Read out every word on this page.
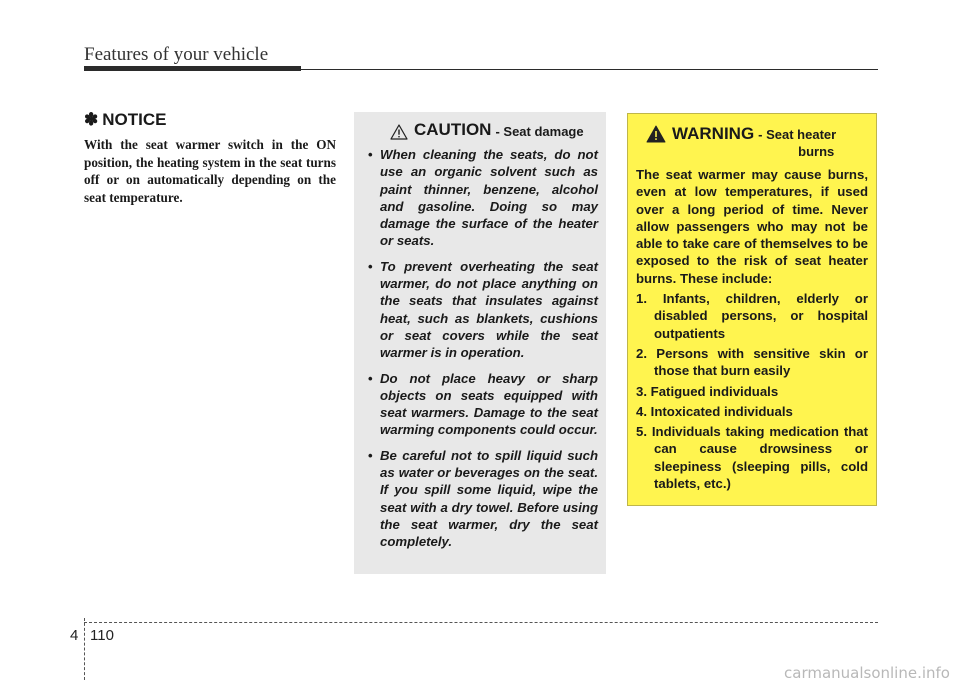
Features of your vehicle
✽ NOTICE

With the seat warmer switch in the ON position, the heating system in the seat turns off or on automatically depending on the seat temperature.

CAUTION - Seat damage
• When cleaning the seats, do not use an organic solvent such as paint thinner, benzene, alcohol and gasoline. Doing so may damage the surface of the heater or seats.
• To prevent overheating the seat warmer, do not place anything on the seats that insulates against heat, such as blankets, cushions or seat covers while the seat warmer is in operation.
• Do not place heavy or sharp objects on seats equipped with seat warmers. Damage to the seat warming components could occur.
• Be careful not to spill liquid such as water or beverages on the seat. If you spill some liquid, wipe the seat with a dry towel. Before using the seat warmer, dry the seat completely.
WARNING - Seat heater
burns

The seat warmer may cause burns, even at low temperatures, if used over a long period of time. Never allow passengers who may not be able to take care of themselves to be exposed to the risk of seat heater burns. These include:

1. Infants, children, elderly or disabled persons, or hospital outpatients
2. Persons with sensitive skin or those that burn easily
3. Fatigued individuals
4. Intoxicated individuals
5. Individuals taking medication that can cause drowsiness or sleepiness (sleeping pills, cold tablets, etc.)
4 110
carmanualsonline.info
